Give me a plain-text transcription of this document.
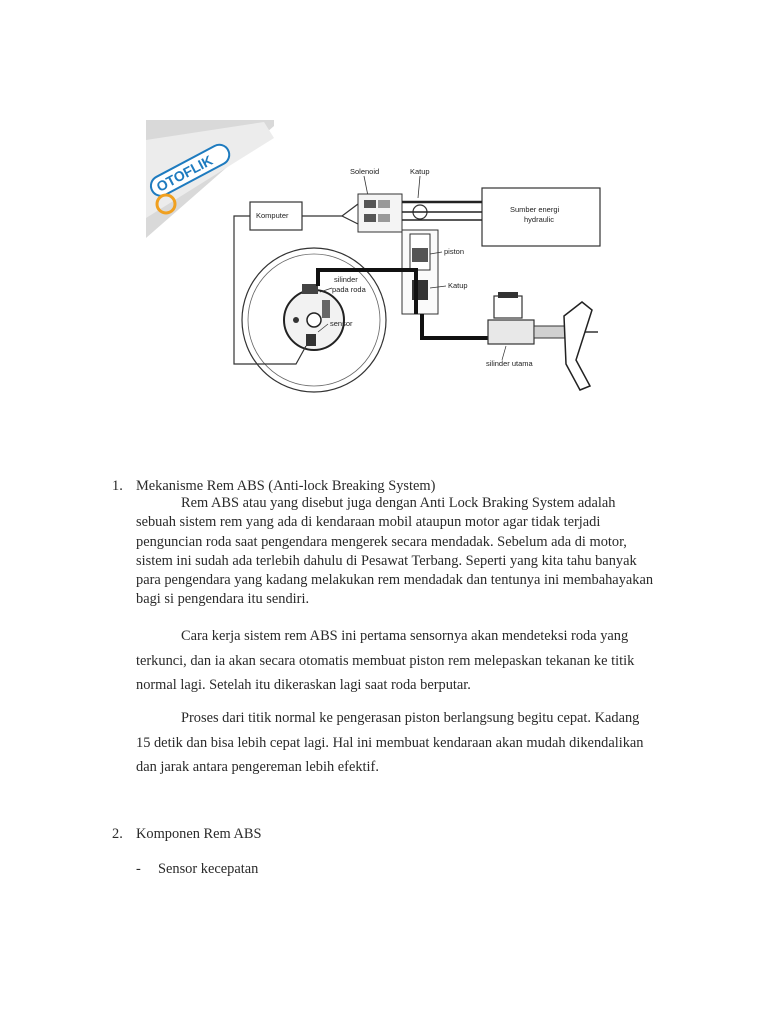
OTOFLIK
Komputer
Sumber energi
hydraulic
Solenoid	Katup
piston
Katup
silinder
pada roda
sensor
silinder utama
1. Mekanisme Rem ABS (Anti-lock Breaking System)
Rem ABS atau yang disebut juga dengan Anti Lock Braking System adalah
sebuah sistem rem yang ada di kendaraan mobil ataupun motor agar tidak terjadi
penguncian roda saat pengendara mengerek secara mendadak. Sebelum ada di motor,
sistem ini sudah ada terlebih dahulu di Pesawat Terbang. Seperti yang kita tahu banyak
para pengendara yang kadang melakukan rem mendadak dan tentunya ini membahayakan
bagi si pengendara itu sendiri.
Cara kerja sistem rem ABS ini pertama sensornya akan mendeteksi roda yang
terkunci, dan ia akan secara otomatis membuat piston rem melepaskan tekanan ke titik
normal lagi. Setelah itu dikeraskan lagi saat roda berputar.
Proses dari titik normal ke pengerasan piston berlangsung begitu cepat. Kadang
15 detik dan bisa lebih cepat lagi. Hal ini membuat kendaraan akan mudah dikendalikan
dan jarak antara pengereman lebih efektif.
2. Komponen Rem ABS
- Sensor kecepatan
